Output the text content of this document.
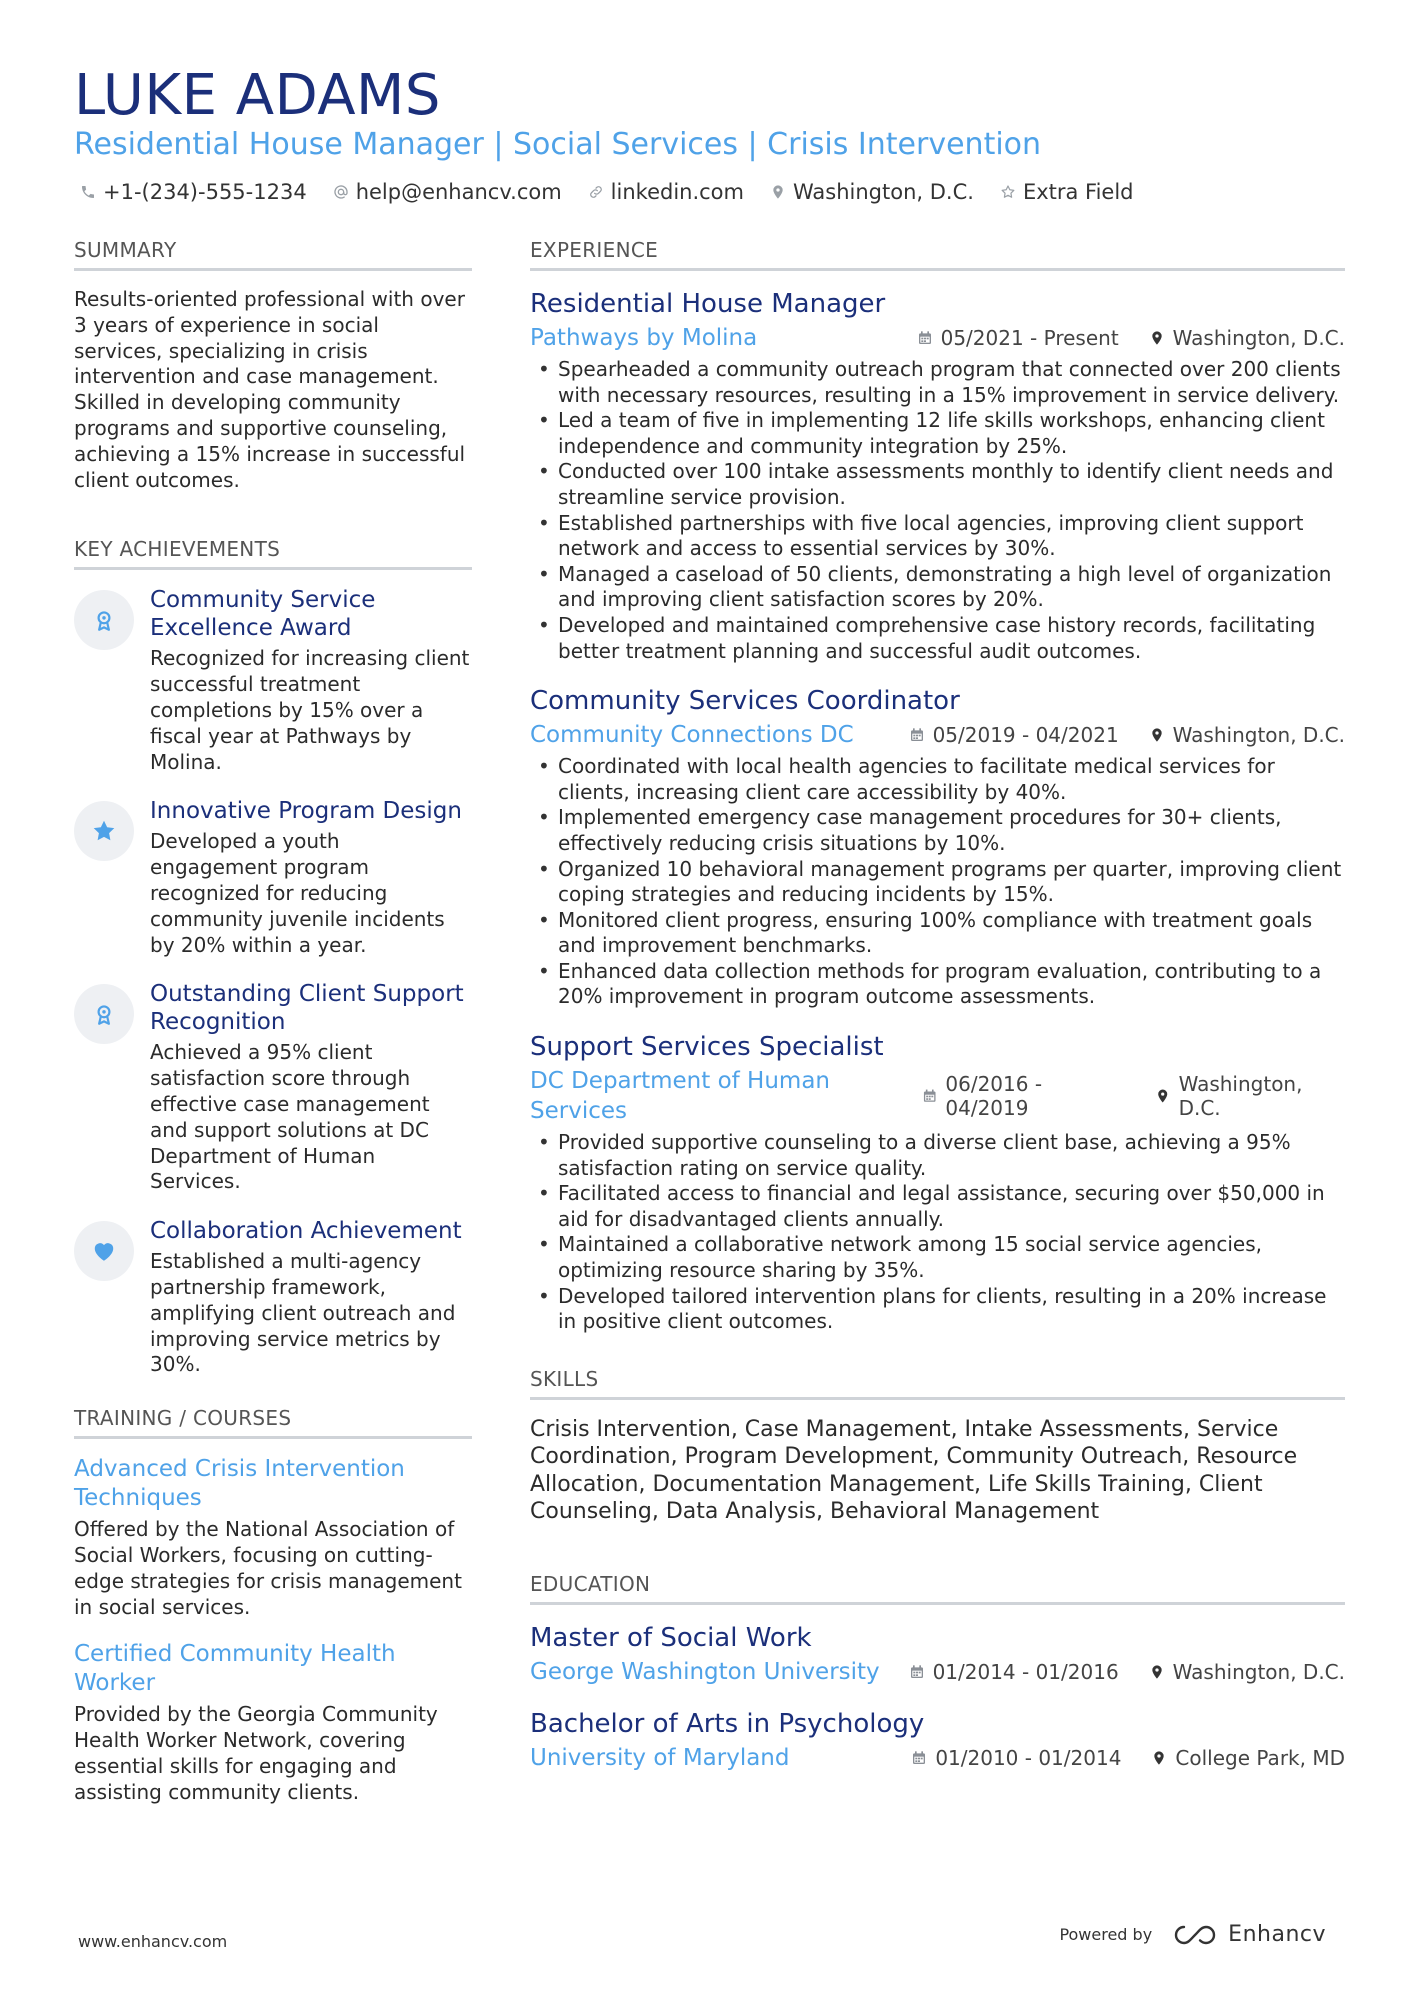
LUKE ADAMS
Residential House Manager | Social Services | Crisis Intervention
+1-(234)-555-1234 help@enhancv.com linkedin.com Washington, D.C. Extra Field
SUMMARY
Results-oriented professional with over 3 years of experience in social services, specializing in crisis intervention and case management. Skilled in developing community programs and supportive counseling, achieving a 15% increase in successful client outcomes.
KEY ACHIEVEMENTS
Community Service Excellence Award
Recognized for increasing client successful treatment completions by 15% over a fiscal year at Pathways by Molina.
Innovative Program Design
Developed a youth engagement program recognized for reducing community juvenile incidents by 20% within a year.
Outstanding Client Support Recognition
Achieved a 95% client satisfaction score through effective case management and support solutions at DC Department of Human Services.
Collaboration Achievement
Established a multi-agency partnership framework, amplifying client outreach and improving service metrics by 30%.
TRAINING / COURSES
Advanced Crisis Intervention Techniques
Offered by the National Association of Social Workers, focusing on cutting-edge strategies for crisis management in social services.
Certified Community Health Worker
Provided by the Georgia Community Health Worker Network, covering essential skills for engaging and assisting community clients.
EXPERIENCE
Residential House Manager
Pathways by Molina	05/2021 - Present	Washington, D.C.
• Spearheaded a community outreach program that connected over 200 clients with necessary resources, resulting in a 15% improvement in service delivery.
• Led a team of five in implementing 12 life skills workshops, enhancing client independence and community integration by 25%.
• Conducted over 100 intake assessments monthly to identify client needs and streamline service provision.
• Established partnerships with five local agencies, improving client support network and access to essential services by 30%.
• Managed a caseload of 50 clients, demonstrating a high level of organization and improving client satisfaction scores by 20%.
• Developed and maintained comprehensive case history records, facilitating better treatment planning and successful audit outcomes.
Community Services Coordinator
Community Connections DC	05/2019 - 04/2021	Washington, D.C.
• Coordinated with local health agencies to facilitate medical services for clients, increasing client care accessibility by 40%.
• Implemented emergency case management procedures for 30+ clients, effectively reducing crisis situations by 10%.
• Organized 10 behavioral management programs per quarter, improving client coping strategies and reducing incidents by 15%.
• Monitored client progress, ensuring 100% compliance with treatment goals and improvement benchmarks.
• Enhanced data collection methods for program evaluation, contributing to a 20% improvement in program outcome assessments.
Support Services Specialist
DC Department of Human Services
06/2016 - 04/2019
Washington, D.C.
• Provided supportive counseling to a diverse client base, achieving a 95% satisfaction rating on service quality.
• Facilitated access to financial and legal assistance, securing over $50,000 in aid for disadvantaged clients annually.
• Maintained a collaborative network among 15 social service agencies, optimizing resource sharing by 35%.
• Developed tailored intervention plans for clients, resulting in a 20% increase in positive client outcomes.
SKILLS
Crisis Intervention, Case Management, Intake Assessments, Service Coordination, Program Development, Community Outreach, Resource Allocation, Documentation Management, Life Skills Training, Client Counseling, Data Analysis, Behavioral Management
EDUCATION
Master of Social Work
George Washington University	01/2014 - 01/2016	Washington, D.C.
Bachelor of Arts in Psychology
University of Maryland	01/2010 - 01/2014	College Park, MD
www.enhancv.com	Powered by	Enhancv
